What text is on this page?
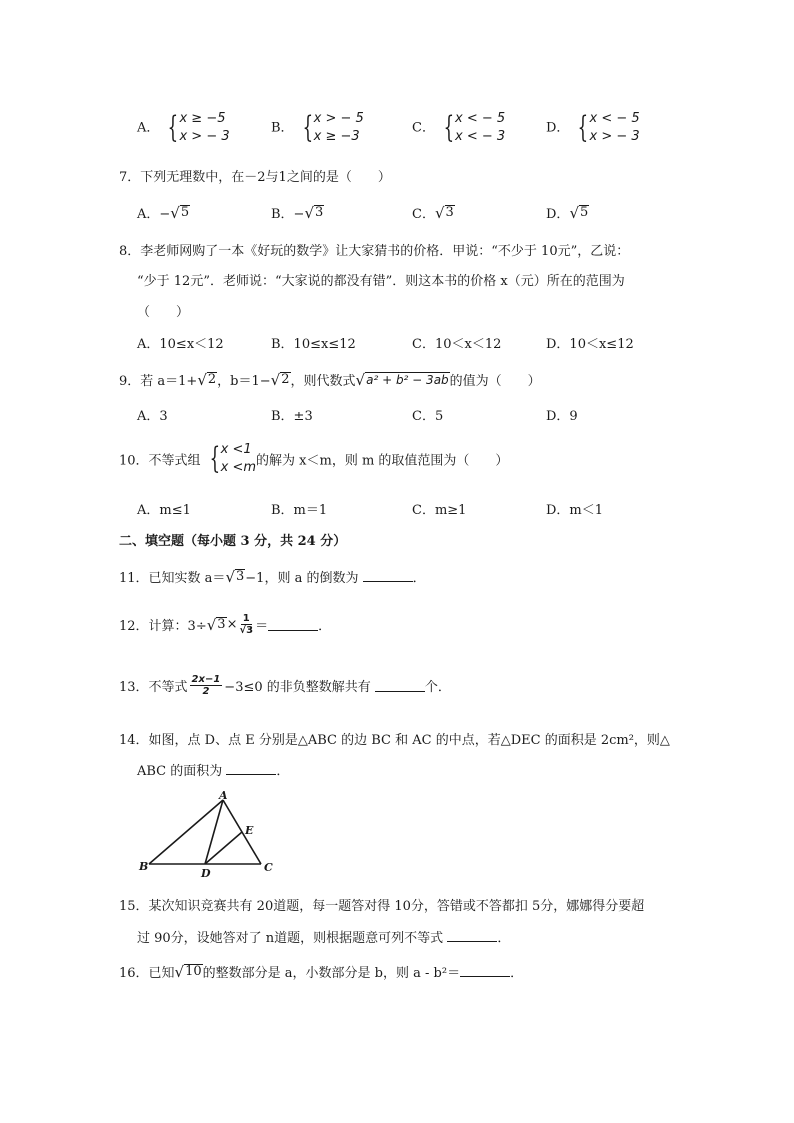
A． { x ≥ −5
x > − 3
B． { x > − 5
x ≥ −3
C． { x < − 5
x < − 3
D． { x < − 5
x > − 3
7．下列无理数中，在－2与1之间的是（　　）
A．− √ 5	B．− √ 3	C． √ 3	D． √ 5
8．李老师网购了一本《好玩的数学》让大家猜书的价格．甲说：“不少于 10元”，乙说：
“少于 12元”．老师说：“大家说的都没有错”．则这本书的价格 x（元）所在的范围为
（　　）
A．10≤x＜12	B．10≤x≤12	C．10＜x＜12	D．10＜x≤12
9．若 a＝1+ √ 2 ，b＝1− √ 2 ，则代数式 √ a² + b² − 3ab 的值为（　　）
A．3	B．±3	C．5	D．9
10．不等式组 { x <1
x <m 的解为 x＜m，则 m 的取值范围为（　　）
A．m≤1	B．m＝1	C．m≥1	D．m＜1
二、填空题（每小题 3 分，共 24 分）
11．已知实数 a＝ √ 3 −1，则 a 的倒数为	．
12．计算：3÷ √ $3 \times \frac{1}{√3}$ ＝	．
13．不等式 $\frac{2x-1}{2} -3\le 0$ 的非负整数解共有	个．
14．如图，点 D、点 E 分别是△ABC 的边 BC 和 AC 的中点，若△DEC 的面积是 2cm²，则△
ABC 的面积为	．
A
B	C
D
E
15．某次知识竞赛共有 20道题，每一题答对得 10分，答错或不答都扣 5分，娜娜得分要超
过 90分，设她答对了 n道题，则根据题意可列不等式	．
16．已知 √ 10 的整数部分是 a，小数部分是 b，则 a - b²＝	．
